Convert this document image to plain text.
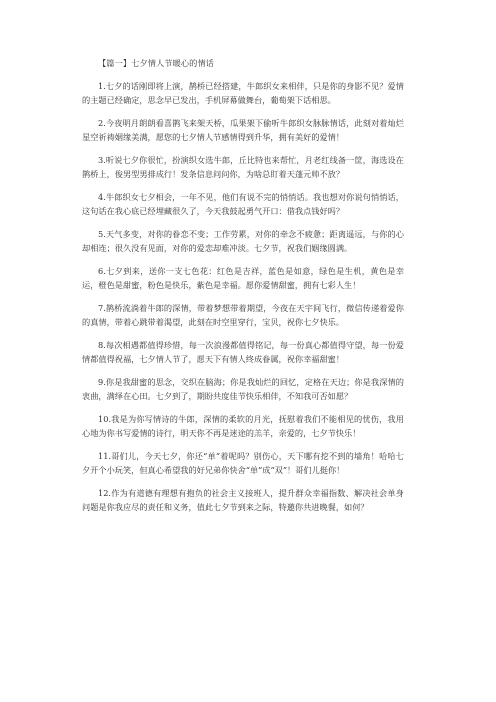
【篇一】七夕情人节暖心的情话

1.七夕的话刚即将上演，鹊桥已经搭建，牛郎织女来相伴，只是你的身影不见？爱情的主题已经确定，思念早已发出，手机屏幕做舞台，葡萄架下话相思。

2.今夜明月朗朗看喜鹊飞来架天桥，瓜果架下偷听牛郎织女脉脉情话，此刻对着灿烂星空祈祷姻缘美满，愿您的七夕情人节感情得到升华，拥有美好的爱情！

3.听说七夕你很忙，扮演织女选牛郎，丘比特也来帮忙，月老红线备一筐，海选设在鹊桥上，俊男型男排成行！发条信息问问你，为啥总盯着天蓬元帅不放？

4.牛郎织女七夕相会，一年不见，他们有说不完的悄悄话。我也想对你说句悄悄话，这句话在我心底已经埋藏很久了，今天我鼓起勇气开口：借我点钱好吗？

5.天气多变，对你的眷恋不变；工作劳累，对你的牵念不疲惫；距离遥远，与你的心却相连；很久没有见面，对你的爱恋却难冲淡。七夕节，祝我们姻缘圆满。

6.七夕到来，送你一支七色花：红色是吉祥，蓝色是如意，绿色是生机，黄色是幸运，橙色是甜蜜，粉色是快乐，紫色是幸福。愿你爱情甜蜜，拥有七彩人生！

7.鹊桥流淌着牛郎的深情，带着梦想带着期望，今夜在天宇间飞行，微信传递着爱你的真情，带着心跳带着渴望，此刻在时空里穿行，宝贝，祝你七夕快乐。

8.每次相遇都值得珍惜，每一次浪漫都值得铭记，每一份真心都值得守望，每一份爱情都值得祝福，七夕情人节了，愿天下有情人终成眷属，祝你幸福甜蜜！

9.你是我甜蜜的思念，交织在脑海；你是我灿烂的回忆，定格在天边；你是我深情的衷曲，满绎在心田。七夕到了，期盼共度佳节快乐相伴，不知我可否如愿？

10.我是为你写情诗的牛郎，深情的柔软的月光，抚慰着我们不能相见的忧伤，我用心地为你书写爱情的诗行，明天你不再是迷途的羔羊，亲爱的，七夕节快乐！

11.哥们儿，今天七夕，你还“单”着呢吗？别伤心，天下哪有挖不到的墙角！哈哈七夕开个小玩笑，但真心希望我的好兄弟你快舍“单”成“双”！哥们儿挺你！

12.作为有道德有理想有抱负的社会主义接班人，提升群众幸福指数、解决社会单身问题是你我应尽的责任和义务，值此七夕节到来之际，特邀你共进晚餐，如何？
